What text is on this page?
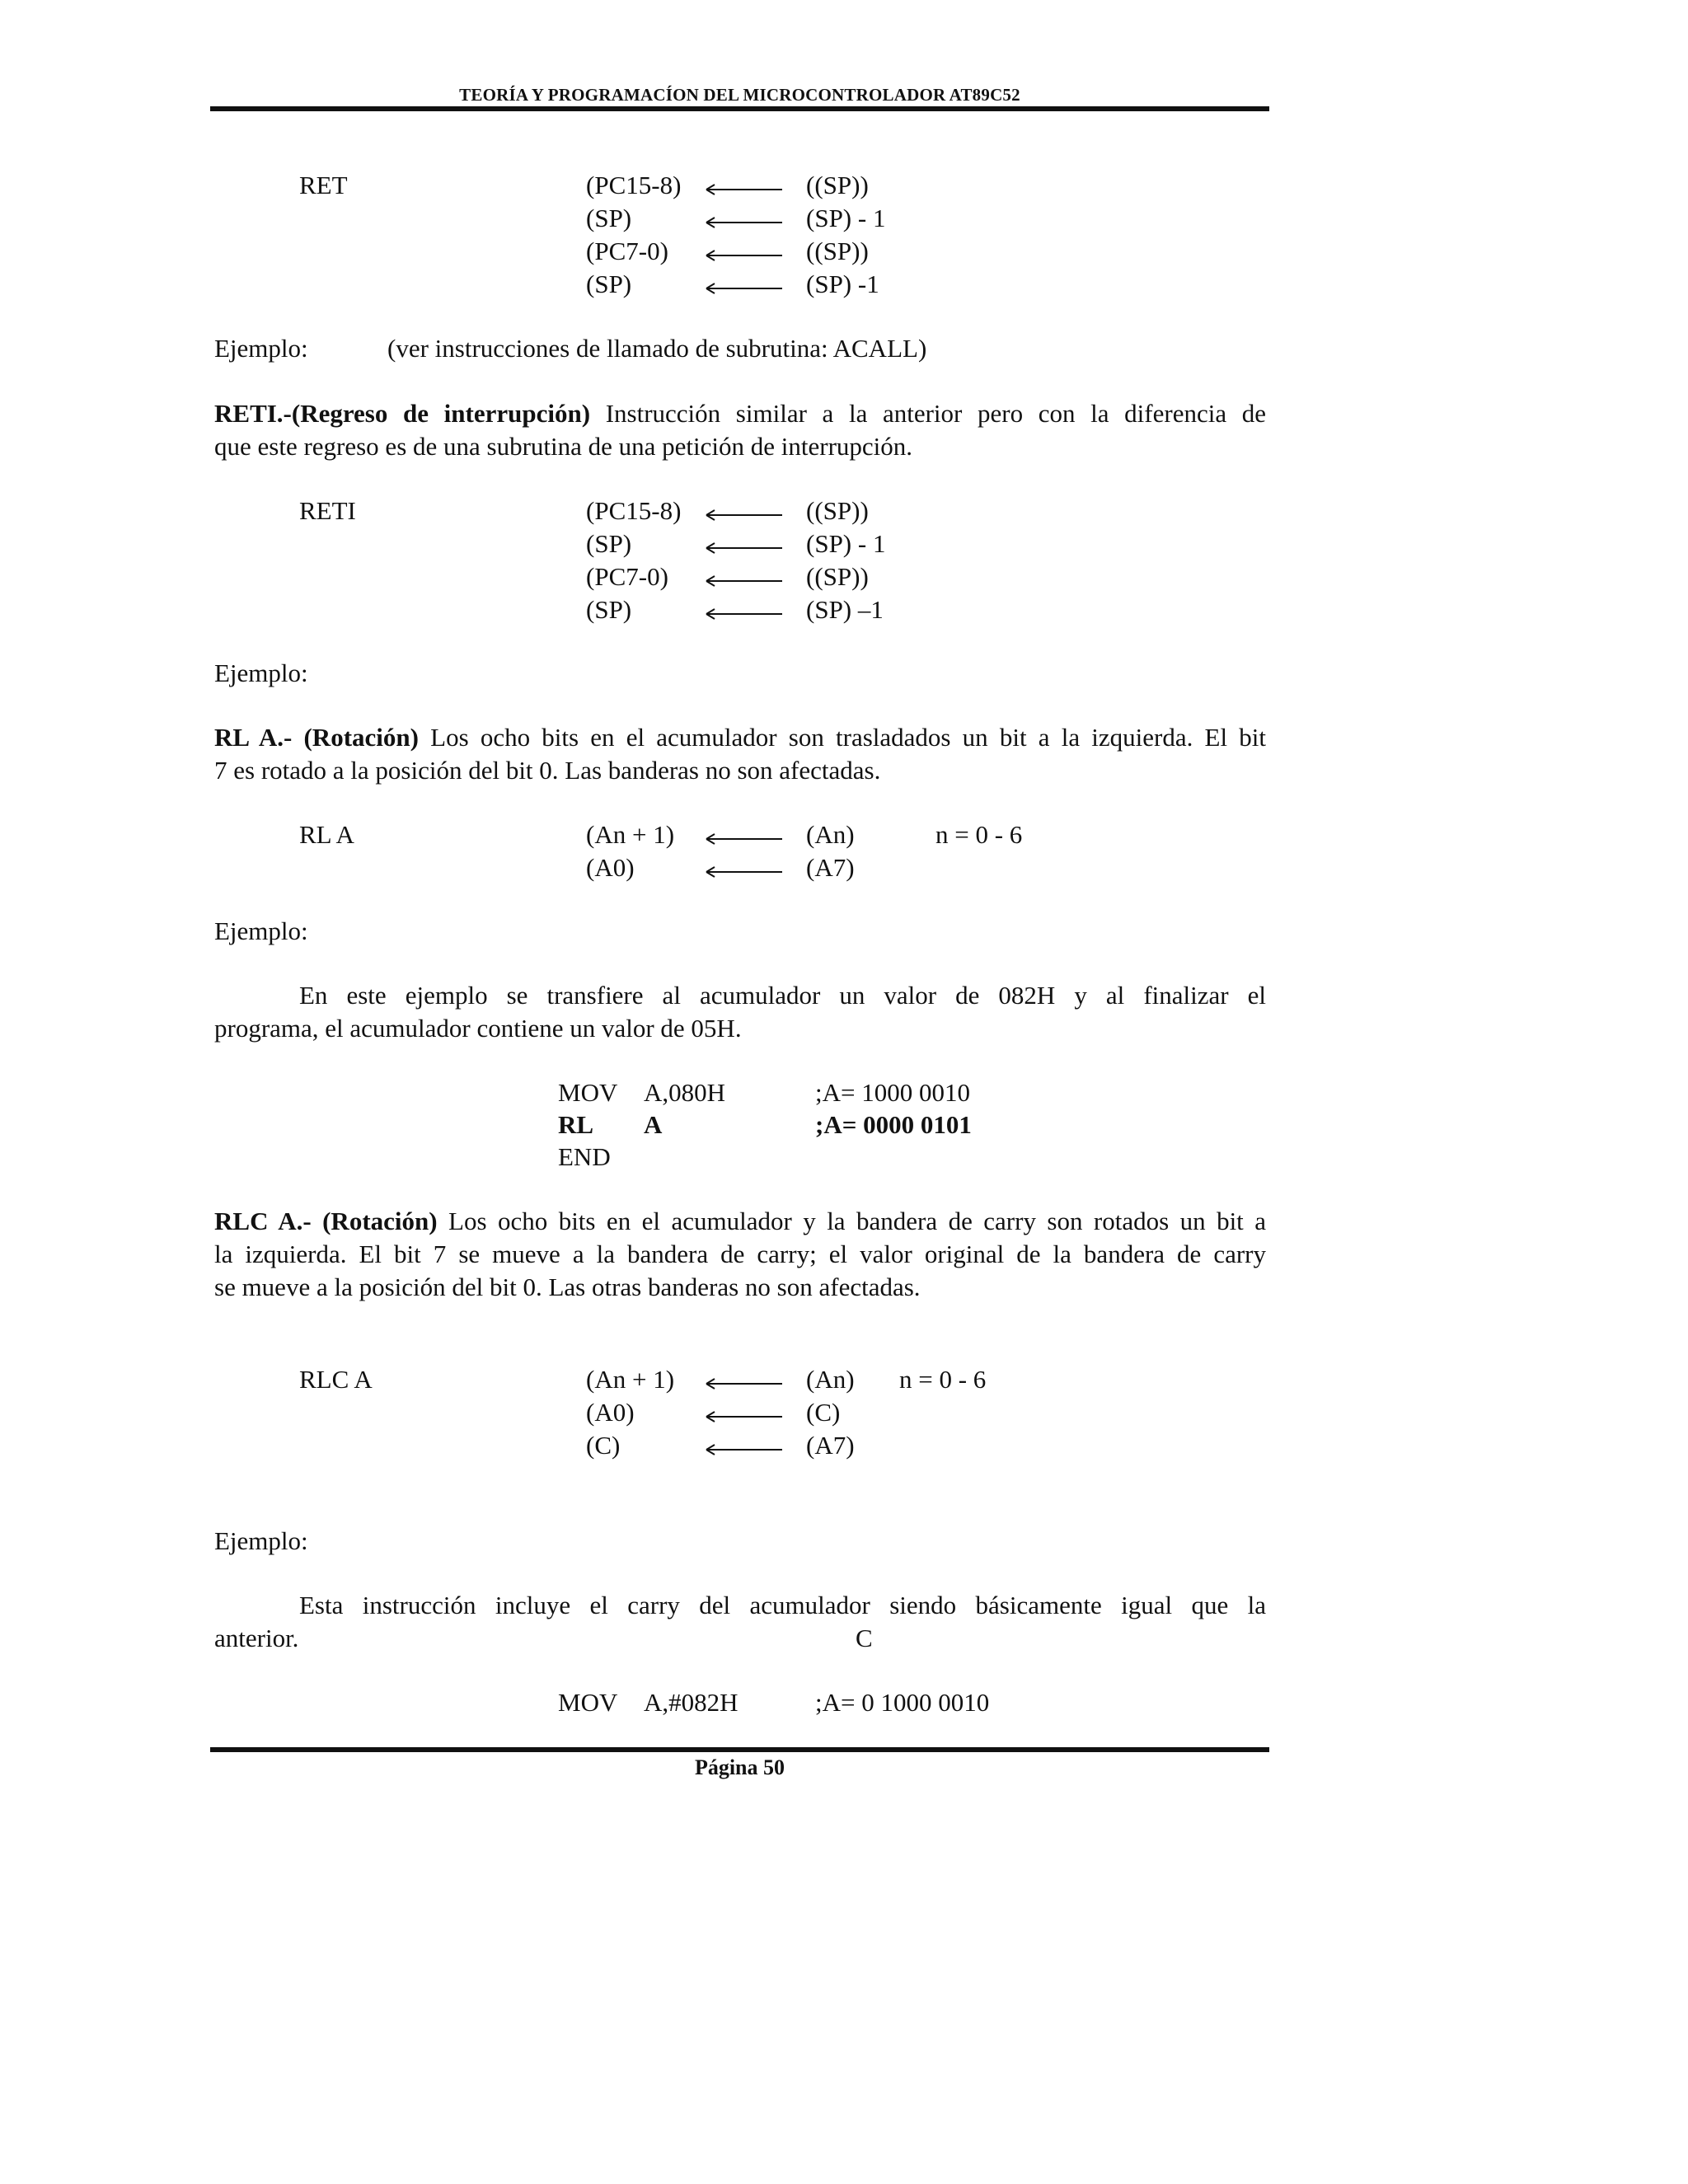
TEORÍA Y PROGRAMACÍON DEL MICROCONTROLADOR AT89C52
RET	(PC15-8)	((SP))
(SP)	(SP) - 1
(PC7-0)	((SP))
(SP)	(SP) -1
Ejemplo:	(ver instrucciones de llamado de subrutina: ACALL)
RETI.-(Regreso de interrupción) Instrucción similar a la anterior pero con la diferencia de
que este regreso es de una subrutina de una petición de interrupción.
RETI	(PC15-8)	((SP))
(SP)	(SP) - 1
(PC7-0)	((SP))
(SP)	(SP) –1
Ejemplo:
RL A.- (Rotación) Los ocho bits en el acumulador son trasladados un bit a la izquierda. El bit
7 es rotado a la posición del bit 0. Las banderas no son afectadas.
RL A	(An + 1)	(An)	n = 0 - 6
(A0)	(A7)
Ejemplo:
En este ejemplo se transfiere al acumulador un valor de 082H y al finalizar el
programa, el acumulador contiene un valor de 05H.
MOV A,080H	;A= 1000 0010
RL A	;A= 0000 0101
END
RLC A.- (Rotación) Los ocho bits en el acumulador y la bandera de carry son rotados un bit a
la izquierda. El bit 7 se mueve a la bandera de carry; el valor original de la bandera de carry
se mueve a la posición del bit 0. Las otras banderas no son afectadas.
RLC A	(An + 1)	(An) n = 0 - 6
(A0)	(C)
(C)	(A7)
Ejemplo:
Esta instrucción incluye el carry del acumulador siendo básicamente igual que la
anterior.	C
MOV A,#082H	;A= 0 1000 0010
Página 50
